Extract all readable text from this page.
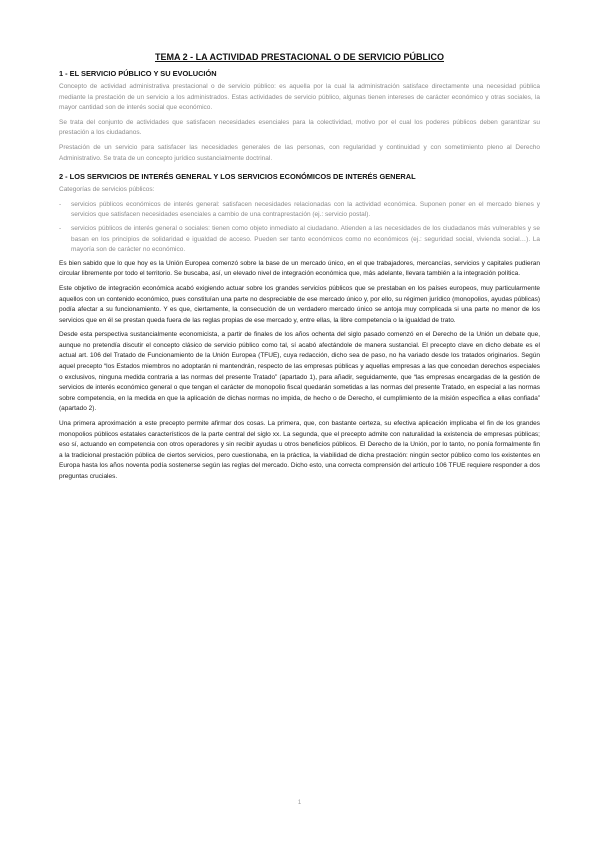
TEMA 2 - LA ACTIVIDAD PRESTACIONAL O DE SERVICIO PÚBLICO
1 - EL SERVICIO PÚBLICO Y SU EVOLUCIÓN

Concepto de actividad administrativa prestacional o de servicio público: es aquella por la cual la administración satisface directamente una necesidad pública mediante la prestación de un servicio a los administrados. Estas actividades de servicio público, algunas tienen intereses de carácter económico y otras sociales, la mayor cantidad son de interés social que económico.

Se trata del conjunto de actividades que satisfacen necesidades esenciales para la colectividad, motivo por el cual los poderes públicos deben garantizar su prestación a los ciudadanos.

Prestación de un servicio para satisfacer las necesidades generales de las personas, con regularidad y continuidad y con sometimiento pleno al Derecho Administrativo. Se trata de un concepto jurídico sustancialmente doctrinal.

2 - LOS SERVICIOS DE INTERÉS GENERAL Y LOS SERVICIOS ECONÓMICOS DE INTERÉS GENERAL

Categorías de servicios públicos:

- servicios públicos económicos de interés general: satisfacen necesidades relacionadas con la actividad económica. Suponen poner en el mercado bienes y servicios que satisfacen necesidades esenciales a cambio de una contraprestación (ej.: servicio postal).
- servicios públicos de interés general o sociales: tienen como objeto inmediato al ciudadano. Atienden a las necesidades de los ciudadanos más vulnerables y se basan en los principios de solidaridad e igualdad de acceso. Pueden ser tanto económicos como no económicos (ej.: seguridad social, vivienda social…). La mayoría son de carácter no económico.

Es bien sabido que lo que hoy es la Unión Europea comenzó sobre la base de un mercado único, en el que trabajadores, mercancías, servicios y capitales pudieran circular libremente por todo el territorio. Se buscaba, así, un elevado nivel de integración económica que, más adelante, llevara también a la integración política.

Este objetivo de integración económica acabó exigiendo actuar sobre los grandes servicios públicos que se prestaban en los países europeos, muy particularmente aquellos con un contenido económico, pues constituían una parte no despreciable de ese mercado único y, por ello, su régimen jurídico (monopolios, ayudas públicas) podía afectar a su funcionamiento. Y es que, ciertamente, la consecución de un verdadero mercado único se antoja muy complicada si una parte no menor de los servicios que en él se prestan queda fuera de las reglas propias de ese mercado y, entre ellas, la libre competencia o la igualdad de trato.

Desde esta perspectiva sustancialmente economicista, a partir de finales de los años ochenta del siglo pasado comenzó en el Derecho de la Unión un debate que, aunque no pretendía discutir el concepto clásico de servicio público como tal, sí acabó afectándole de manera sustancial. El precepto clave en dicho debate es el actual art. 106 del Tratado de Funcionamiento de la Unión Europea (TFUE), cuya redacción, dicho sea de paso, no ha variado desde los tratados originarios. Según aquel precepto “los Estados miembros no adoptarán ni mantendrán, respecto de las empresas públicas y aquellas empresas a las que concedan derechos especiales o exclusivos, ninguna medida contraria a las normas del presente Tratado” (apartado 1), para añadir, seguidamente, que “las empresas encargadas de la gestión de servicios de interés económico general o que tengan el carácter de monopolio fiscal quedarán sometidas a las normas del presente Tratado, en especial a las normas sobre competencia, en la medida en que la aplicación de dichas normas no impida, de hecho o de Derecho, el cumplimiento de la misión específica a ellas confiada” (apartado 2).

Una primera aproximación a este precepto permite afirmar dos cosas. La primera, que, con bastante certeza, su efectiva aplicación implicaba el fin de los grandes monopolios públicos estatales característicos de la parte central del siglo xx. La segunda, que el precepto admite con naturalidad la existencia de empresas públicas; eso sí, actuando en competencia con otros operadores y sin recibir ayudas u otros beneficios públicos. El Derecho de la Unión, por lo tanto, no ponía formalmente fin a la tradicional prestación pública de ciertos servicios, pero cuestionaba, en la práctica, la viabilidad de dicha prestación: ningún sector público como los existentes en Europa hasta los años noventa podía sostenerse según las reglas del mercado. Dicho esto, una correcta comprensión del artículo 106 TFUE requiere responder a dos preguntas cruciales.

1
